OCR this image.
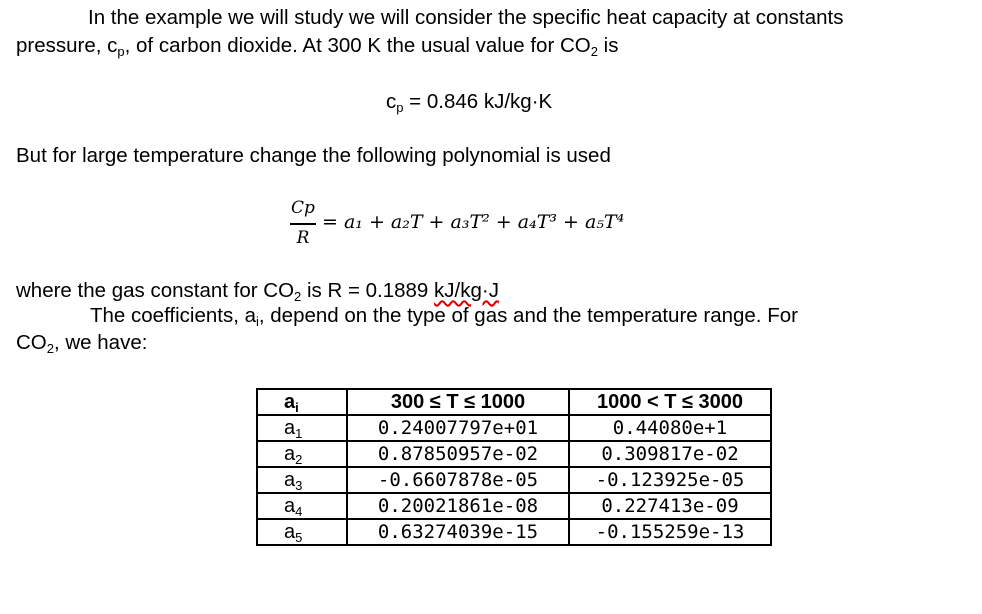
In the example we will study we will consider the specific heat capacity at constants
pressure, $c_p$, of carbon dioxide. At 300 K the usual value for $CO_2$ is
$c_p = 0.846$ kJ/kg·K
But for large temperature change the following polynomial is used
Cp
R
= a₁ + a₂T + a₃T² + a₄T³ + a₅T⁴
where the gas constant for $CO_2$ is R = 0.1889 kJ/kg·J
The coefficients, $a_i$, depend on the type of gas and the temperature range. For
$CO_2$, we have:
$a_i$	300 ≤ T ≤ 1000	1000 < T ≤ 3000
$a_1$	0.24007797e+01	0.44080e+1
$a_2$	0.87850957e-02	0.309817e-02
$a_3$	-0.6607878e-05	-0.123925e-05
$a_4$	0.20021861e-08	0.227413e-09
$a_5$	0.63274039e-15	-0.155259e-13
